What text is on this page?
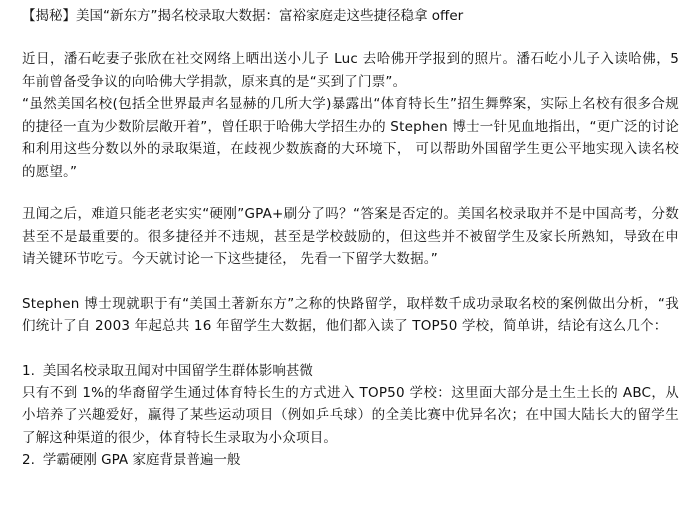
【揭秘】美国“新东方”揭名校录取大数据：富裕家庭走这些捷径稳拿 offer

近日，潘石屹妻子张欣在社交网络上晒出送小儿子 Luc 去哈佛开学报到的照片。潘石屹小儿子入读哈佛，5 年前曾备受争议的向哈佛大学捐款，原来真的是“买到了门票”。

“虽然美国名校(包括全世界最声名显赫的几所大学)暴露出“体育特长生”招生舞弊案，实际上名校有很多合规的捷径一直为少数阶层敞开着”，曾任职于哈佛大学招生办的 Stephen 博士一针见血地指出，“更广泛的讨论和利用这些分数以外的录取渠道，在歧视少数族裔的大环境下， 可以帮助外国留学生更公平地实现入读名校的愿望。”

丑闻之后，难道只能老老实实“硬刚”GPA+刷分了吗？“答案是否定的。美国名校录取并不是中国高考，分数甚至不是最重要的。很多捷径并不违规，甚至是学校鼓励的，但这些并不被留学生及家长所熟知，导致在申请关键环节吃亏。今天就讨论一下这些捷径， 先看一下留学大数据。”

Stephen 博士现就职于有“美国土著新东方”之称的快路留学，取样数千成功录取名校的案例做出分析，“我们统计了自 2003 年起总共 16 年留学生大数据，他们都入读了 TOP50 学校，简单讲，结论有这么几个：

1. 美国名校录取丑闻对中国留学生群体影响甚微

只有不到 1%的华裔留学生通过体育特长生的方式进入 TOP50 学校：这里面大部分是土生土长的 ABC，从小培养了兴趣爱好，赢得了某些运动项目（例如乒乓球）的全美比赛中优异名次；在中国大陆长大的留学生了解这种渠道的很少，体育特长生录取为小众项目。

2. 学霸硬刚 GPA 家庭背景普遍一般
